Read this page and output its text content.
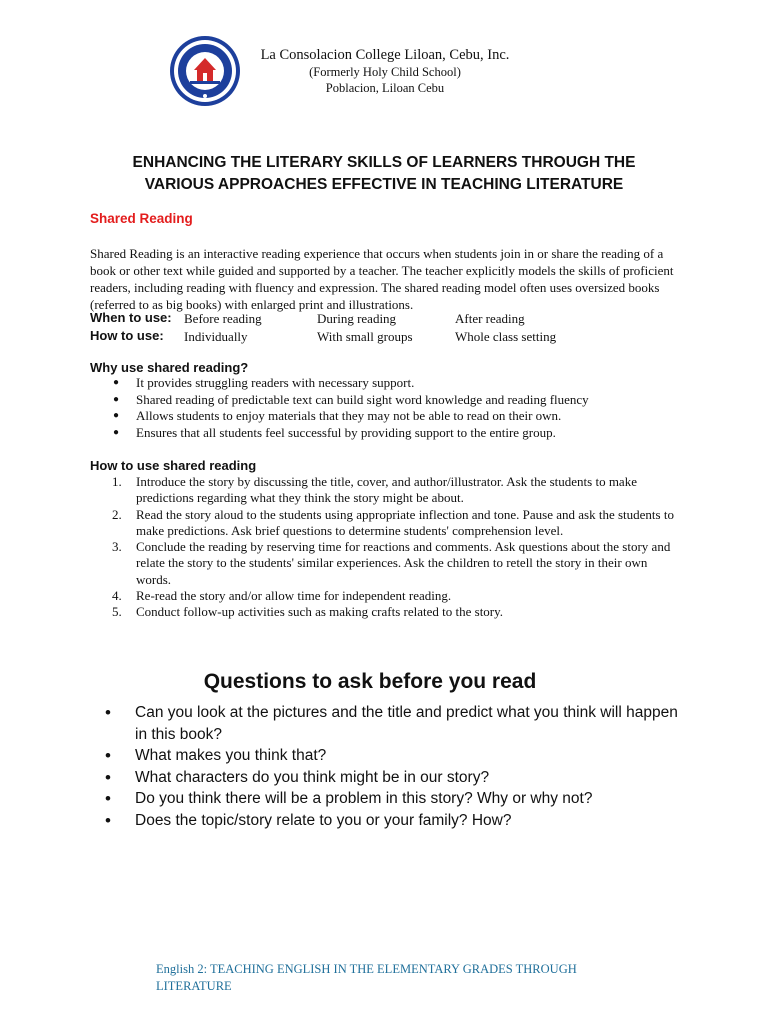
La Consolacion College Liloan, Cebu, Inc.
(Formerly Holy Child School)
Poblacion, Liloan Cebu
ENHANCING THE LITERARY SKILLS OF LEARNERS THROUGH THE
VARIOUS APPROACHES EFFECTIVE IN TEACHING LITERATURE
Shared Reading
Shared Reading is an interactive reading experience that occurs when students join in or share the reading of a book or other text while guided and supported by a teacher. The teacher explicitly models the skills of proficient readers, including reading with fluency and expression. The shared reading model often uses oversized books (referred to as big books) with enlarged print and illustrations.
When to use: Before reading	During reading	After reading
How to use: Individually	With small groups	Whole class setting
Why use shared reading?
● It provides struggling readers with necessary support.
● Shared reading of predictable text can build sight word knowledge and reading fluency
● Allows students to enjoy materials that they may not be able to read on their own.
● Ensures that all students feel successful by providing support to the entire group.
How to use shared reading
1. Introduce the story by discussing the title, cover, and author/illustrator. Ask the students to make predictions regarding what they think the story might be about.
2. Read the story aloud to the students using appropriate inflection and tone. Pause and ask the students to make predictions. Ask brief questions to determine students' comprehension level.
3. Conclude the reading by reserving time for reactions and comments. Ask questions about the story and relate the story to the students' similar experiences. Ask the children to retell the story in their own words.
4. Re-read the story and/or allow time for independent reading.
5. Conduct follow-up activities such as making crafts related to the story.
Questions to ask before you read
• Can you look at the pictures and the title and predict what you think will happen in this book?
• What makes you think that?
• What characters do you think might be in our story?
• Do you think there will be a problem in this story? Why or why not?
• Does the topic/story relate to you or your family? How?
English 2: TEACHING ENGLISH IN THE ELEMENTARY GRADES THROUGH LITERATURE
